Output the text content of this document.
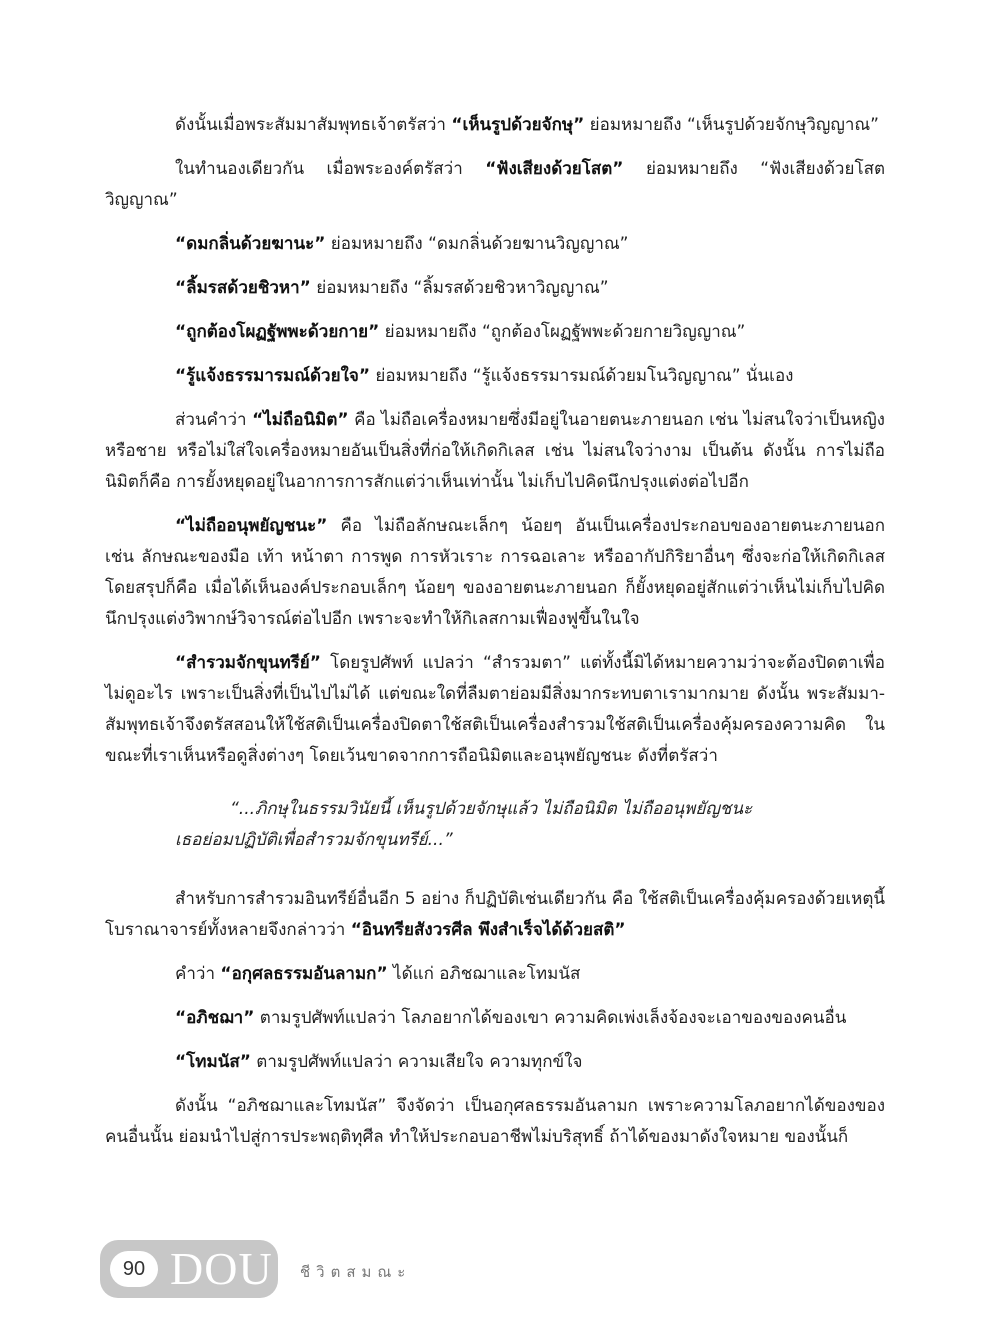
ดังนั้นเมื่อพระสัมมาสัมพุทธเจ้าตรัสว่า “เห็นรูปด้วยจักษุ” ย่อมหมายถึง “เห็นรูปด้วยจักษุวิญญาณ”

ในทำนองเดียวกัน เมื่อพระองค์ตรัสว่า “ฟังเสียงด้วยโสต” ย่อมหมายถึง “ฟังเสียงด้วยโสตวิญญาณ”

“ดมกลิ่นด้วยฆานะ” ย่อมหมายถึง “ดมกลิ่นด้วยฆานวิญญาณ”

“ลิ้มรสด้วยชิวหา” ย่อมหมายถึง “ลิ้มรสด้วยชิวหาวิญญาณ”

“ถูกต้องโผฏฐัพพะด้วยกาย” ย่อมหมายถึง “ถูกต้องโผฏฐัพพะด้วยกายวิญญาณ”

“รู้แจ้งธรรมารมณ์ด้วยใจ” ย่อมหมายถึง “รู้แจ้งธรรมารมณ์ด้วยมโนวิญญาณ” นั่นเอง

ส่วนคำว่า “ไม่ถือนิมิต” คือ ไม่ถือเครื่องหมายซึ่งมีอยู่ในอายตนะภายนอก เช่น ไม่สนใจว่าเป็นหญิงหรือชาย หรือไม่ใส่ใจเครื่องหมายอันเป็นสิ่งที่ก่อให้เกิดกิเลส เช่น ไม่สนใจว่างาม เป็นต้น ดังนั้น การไม่ถือนิมิตก็คือ การยั้งหยุดอยู่ในอาการการสักแต่ว่าเห็นเท่านั้น ไม่เก็บไปคิดนึกปรุงแต่งต่อไปอีก

“ไม่ถืออนุพยัญชนะ” คือ ไม่ถือลักษณะเล็กๆ น้อยๆ อันเป็นเครื่องประกอบของอายตนะภายนอก เช่น ลักษณะของมือ เท้า หน้าตา การพูด การหัวเราะ การฉอเลาะ หรืออากัปกิริยาอื่นๆ ซึ่งจะก่อให้เกิดกิเลส โดยสรุปก็คือ เมื่อได้เห็นองค์ประกอบเล็กๆ น้อยๆ ของอายตนะภายนอก ก็ยั้งหยุดอยู่สักแต่ว่าเห็นไม่เก็บไปคิดนึกปรุงแต่งวิพากษ์วิจารณ์ต่อไปอีก เพราะจะทำให้กิเลสกามเฟื่องฟูขึ้นในใจ

“สำรวมจักขุนทรีย์” โดยรูปศัพท์ แปลว่า “สำรวมตา” แต่ทั้งนี้มิได้หมายความว่าจะต้องปิดตาเพื่อ ไม่ดูอะไร เพราะเป็นสิ่งที่เป็นไปไม่ได้ แต่ขณะใดที่ลืมตาย่อมมีสิ่งมากระทบตาเรามากมาย ดังนั้น พระสัมมา-สัมพุทธเจ้าจึงตรัสสอนให้ใช้สติเป็นเครื่องปิดตาใช้สติเป็นเครื่องสำรวมใช้สติเป็นเครื่องคุ้มครองความคิด ในขณะที่เราเห็นหรือดูสิ่งต่างๆ โดยเว้นขาดจากการถือนิมิตและอนุพยัญชนะ ดังที่ตรัสว่า

“...ภิกษุในธรรมวินัยนี้ เห็นรูปด้วยจักษุแล้ว ไม่ถือนิมิต ไม่ถืออนุพยัญชนะ
เธอย่อมปฏิบัติเพื่อสำรวมจักขุนทรีย์...”

สำหรับการสำรวมอินทรีย์อื่นอีก 5 อย่าง ก็ปฏิบัติเช่นเดียวกัน คือ ใช้สติเป็นเครื่องคุ้มครองด้วยเหตุนี้โบราณาจารย์ทั้งหลายจึงกล่าวว่า “อินทรียสังวรศีล พึงสำเร็จได้ด้วยสติ”

คำว่า “อกุศลธรรมอันลามก” ได้แก่ อภิชฌาและโทมนัส

“อภิชฌา” ตามรูปศัพท์แปลว่า โลภอยากได้ของเขา ความคิดเพ่งเล็งจ้องจะเอาของของคนอื่น

“โทมนัส” ตามรูปศัพท์แปลว่า ความเสียใจ ความทุกข์ใจ

ดังนั้น “อภิชฌาและโทมนัส” จึงจัดว่า เป็นอกุศลธรรมอันลามก เพราะความโลภอยากได้ของของคนอื่นนั้น ย่อมนำไปสู่การประพฤติทุศีล ทำให้ประกอบอาชีพไม่บริสุทธิ์ ถ้าได้ของมาดังใจหมาย ของนั้นก็

90 DOU ชีวิตสมณะ
